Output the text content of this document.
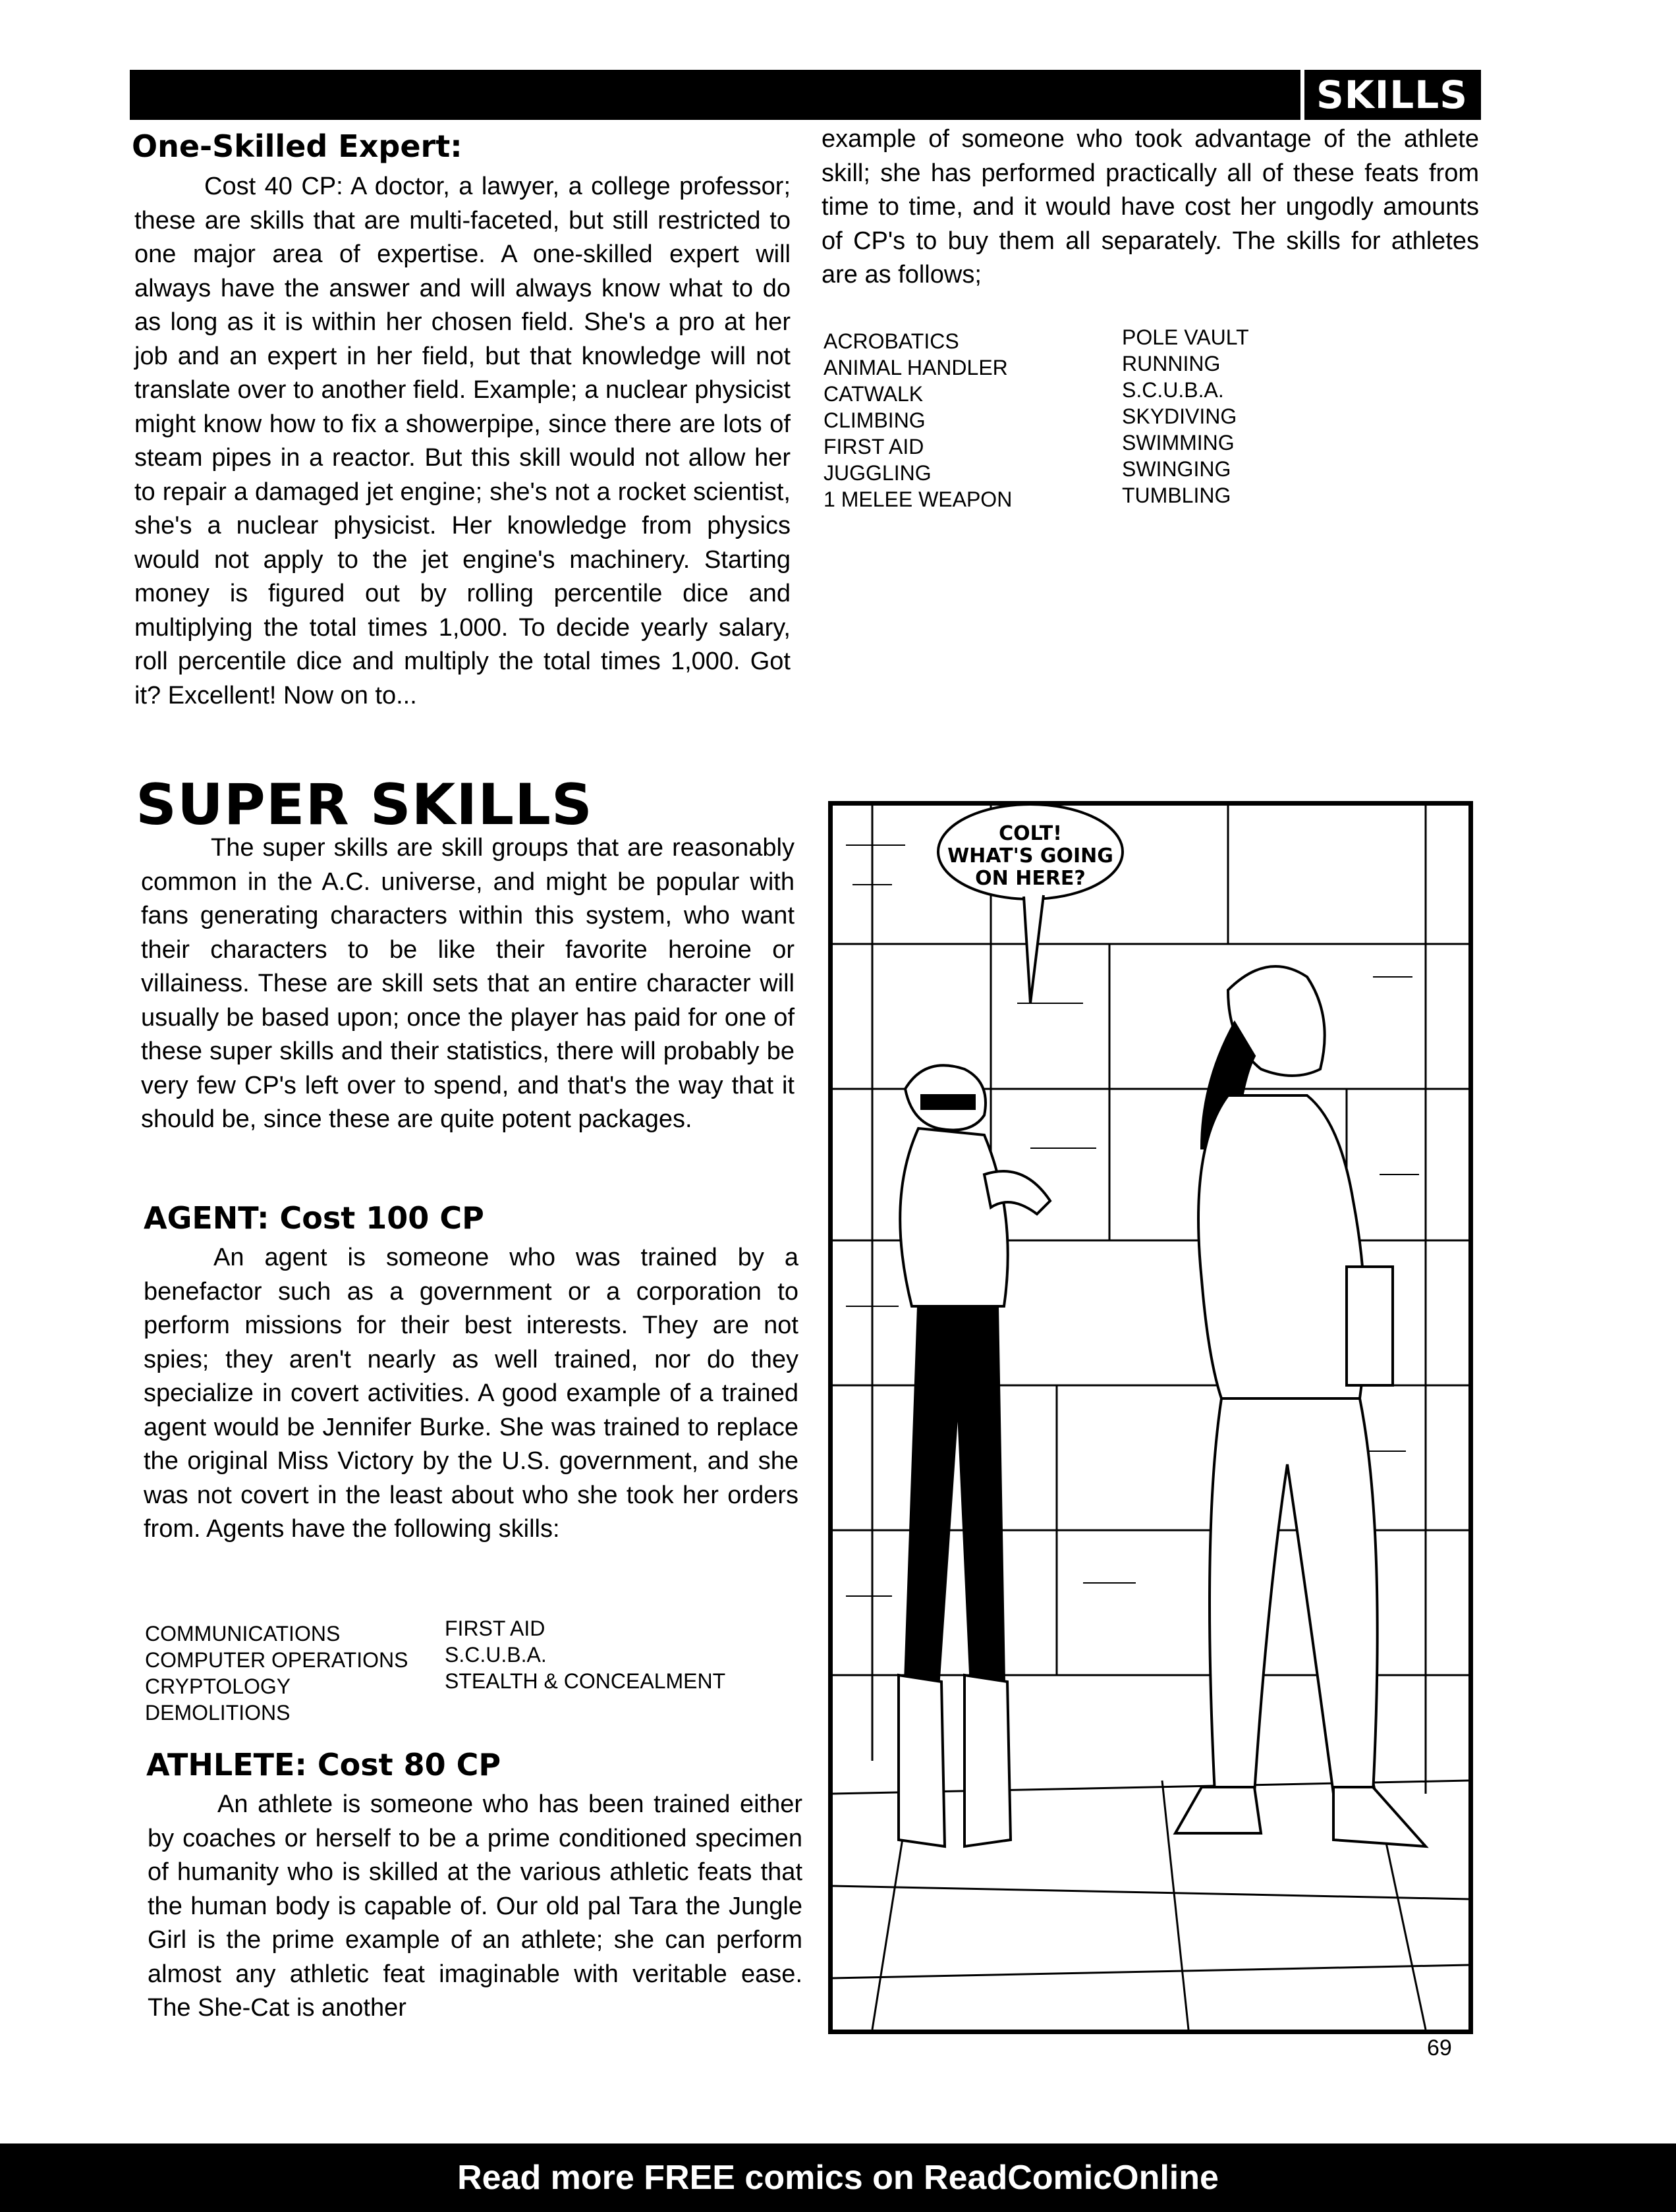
SKILLS
One-Skilled Expert:

Cost 40 CP: A doctor, a lawyer, a college professor; these are skills that are multi-faceted, but still restricted to one major area of expertise. A one-skilled expert will always have the answer and will always know what to do as long as it is within her chosen field. She's a pro at her job and an expert in her field, but that knowledge will not translate over to another field. Example; a nuclear physicist might know how to fix a showerpipe, since there are lots of steam pipes in a reactor. But this skill would not allow her to repair a damaged jet engine; she's not a rocket scientist, she's a nuclear physicist. Her knowledge from physics would not apply to the jet engine's machinery. Starting money is figured out by rolling percentile dice and multiplying the total times 1,000. To decide yearly salary, roll percentile dice and multiply the total times 1,000. Got it? Excellent! Now on to...

SUPER SKILLS

The super skills are skill groups that are reasonably common in the A.C. universe, and might be popular with fans generating characters within this system, who want their characters to be like their favorite heroine or villainess. These are skill sets that an entire character will usually be based upon; once the player has paid for one of these super skills and their statistics, there will probably be very few CP's left over to spend, and that's the way that it should be, since these are quite potent packages.

AGENT: Cost 100 CP

An agent is someone who was trained by a benefactor such as a government or a corporation to perform missions for their best interests. They are not spies; they aren't nearly as well trained, nor do they specialize in covert activities. A good example of a trained agent would be Jennifer Burke. She was trained to replace the original Miss Victory by the U.S. government, and she was not covert in the least about who she took her orders from. Agents have the following skills:

COMMUNICATIONS
COMPUTER OPERATIONS
CRYPTOLOGY
DEMOLITIONS
FIRST AID
S.C.U.B.A.
STEALTH & CONCEALMENT
ATHLETE: Cost 80 CP

An athlete is someone who has been trained either by coaches or herself to be a prime conditioned specimen of humanity who is skilled at the various athletic feats that the human body is capable of. Our old pal Tara the Jungle Girl is the prime example of an athlete; she can perform almost any athletic feat imaginable with veritable ease. The She-Cat is another

example of someone who took advantage of the athlete skill; she has performed practically all of these feats from time to time, and it would have cost her ungodly amounts of CP's to buy them all separately. The skills for athletes are as follows;

ACROBATICS
ANIMAL HANDLER
CATWALK
CLIMBING
FIRST AID
JUGGLING
1 MELEE WEAPON
POLE VAULT
RUNNING
S.C.U.B.A.
SKYDIVING
SWIMMING
SWINGING
TUMBLING
COLT!
WHAT'S GOING
ON HERE?
69
Read more FREE comics on ReadComicOnline
